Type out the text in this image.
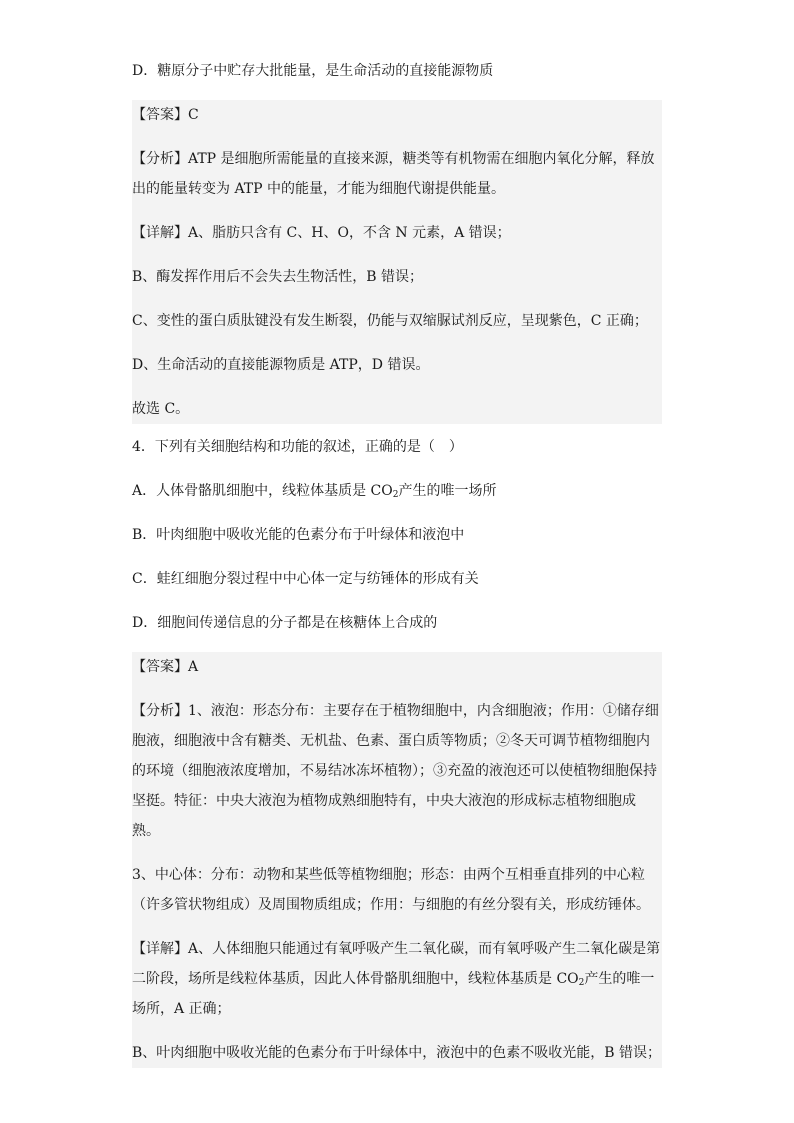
D．糖原分子中贮存大批能量，是生命活动的直接能源物质
【答案】C
【分析】ATP 是细胞所需能量的直接来源，糖类等有机物需在细胞内氧化分解，释放出的能量转变为 ATP 中的能量，才能为细胞代谢提供能量。
【详解】A、脂肪只含有 C、H、O，不含 N 元素，A 错误；
B、酶发挥作用后不会失去生物活性，B 错误；
C、变性的蛋白质肽键没有发生断裂，仍能与双缩脲试剂反应，呈现紫色，C 正确；
D、生命活动的直接能源物质是 ATP，D 错误。
故选 C。
4．下列有关细胞结构和功能的叙述，正确的是（　）
A．人体骨骼肌细胞中，线粒体基质是 $CO_2$产生的唯一场所
B．叶肉细胞中吸收光能的色素分布于叶绿体和液泡中
C．蛙红细胞分裂过程中中心体一定与纺锤体的形成有关
D．细胞间传递信息的分子都是在核糖体上合成的
【答案】A
【分析】1、液泡：形态分布：主要存在于植物细胞中，内含细胞液；作用：①储存细胞液，细胞液中含有糖类、无机盐、色素、蛋白质等物质；②冬天可调节植物细胞内的环境（细胞液浓度增加，不易结冰冻坏植物）；③充盈的液泡还可以使植物细胞保持坚挺。特征：中央大液泡为植物成熟细胞特有，中央大液泡的形成标志植物细胞成熟。
3、中心体：分布：动物和某些低等植物细胞；形态：由两个互相垂直排列的中心粒（许多管状物组成）及周围物质组成；作用：与细胞的有丝分裂有关，形成纺锤体。
【详解】A、人体细胞只能通过有氧呼吸产生二氧化碳，而有氧呼吸产生二氧化碳是第二阶段，场所是线粒体基质，因此人体骨骼肌细胞中，线粒体基质是 $CO_2$产生的唯一场所，A 正确；
B、叶肉细胞中吸收光能的色素分布于叶绿体中，液泡中的色素不吸收光能，B 错误；
